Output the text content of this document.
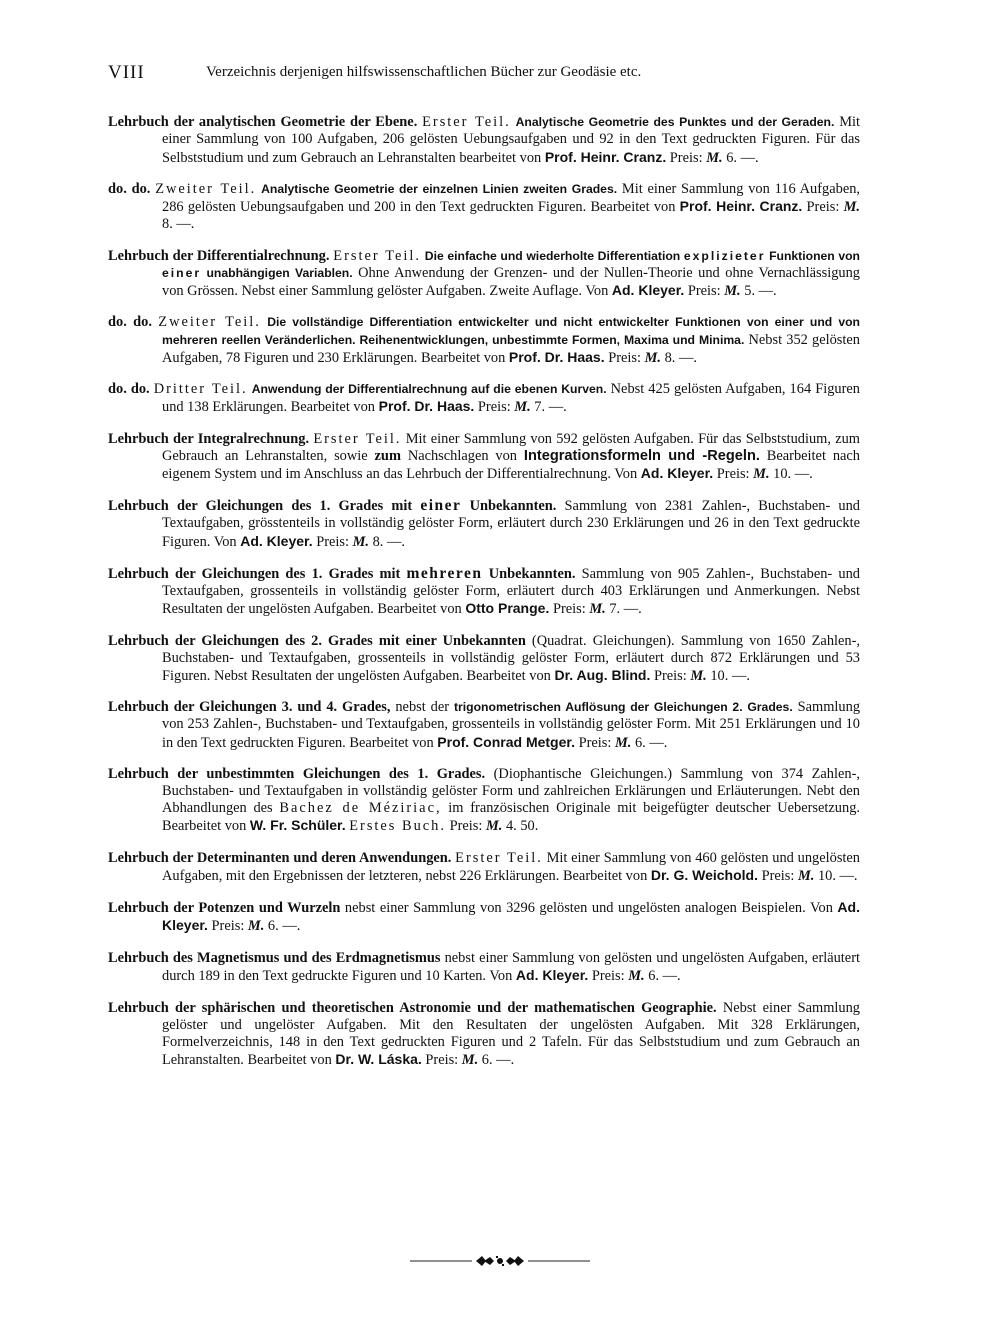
VIII	Verzeichnis derjenigen hilfswissenschaftlichen Bücher zur Geodäsie etc.

Lehrbuch der analytischen Geometrie der Ebene. Erster Teil. Analytische Geometrie des Punktes und der Geraden. Mit einer Sammlung von 100 Aufgaben, 206 gelösten Uebungsaufgaben und 92 in den Text gedruckten Figuren. Für das Selbststudium und zum Gebrauch an Lehranstalten bearbeitet von Prof. Heinr. Cranz. Preis: M. 6. —.

do. do. Zweiter Teil. Analytische Geometrie der einzelnen Linien zweiten Grades. Mit einer Sammlung von 116 Aufgaben, 286 gelösten Uebungsaufgaben und 200 in den Text gedruckten Figuren. Bearbeitet von Prof. Heinr. Cranz. Preis: M. 8. —.

Lehrbuch der Differentialrechnung. Erster Teil. Die einfache und wiederholte Differentiation explizieter Funktionen von einer unabhängigen Variablen. Ohne Anwendung der Grenzen- und der Nullen-Theorie und ohne Vernachlässigung von Grössen. Nebst einer Sammlung gelöster Aufgaben. Zweite Auflage. Von Ad. Kleyer. Preis: M. 5. —.

do. do. Zweiter Teil. Die vollständige Differentiation entwickelter und nicht entwickelter Funktionen von einer und von mehreren reellen Veränderlichen. Reihenentwicklungen, unbestimmte Formen, Maxima und Minima. Nebst 352 gelösten Aufgaben, 78 Figuren und 230 Erklärungen. Bearbeitet von Prof. Dr. Haas. Preis: M. 8. —.

do. do. Dritter Teil. Anwendung der Differentialrechnung auf die ebenen Kurven. Nebst 425 gelösten Aufgaben, 164 Figuren und 138 Erklärungen. Bearbeitet von Prof. Dr. Haas. Preis: M. 7. —.

Lehrbuch der Integralrechnung. Erster Teil. Mit einer Sammlung von 592 gelösten Aufgaben. Für das Selbststudium, zum Gebrauch an Lehranstalten, sowie zum Nachschlagen von Integrationsformeln und -Regeln. Bearbeitet nach eigenem System und im Anschluss an das Lehrbuch der Differentialrechnung. Von Ad. Kleyer. Preis: M. 10. —.

Lehrbuch der Gleichungen des 1. Grades mit einer Unbekannten. Sammlung von 2381 Zahlen-, Buchstaben- und Textaufgaben, grösstenteils in vollständig gelöster Form, erläutert durch 230 Erklärungen und 26 in den Text gedruckte Figuren. Von Ad. Kleyer. Preis: M. 8. —.

Lehrbuch der Gleichungen des 1. Grades mit mehreren Unbekannten. Sammlung von 905 Zahlen-, Buchstaben- und Textaufgaben, grossenteils in vollständig gelöster Form, erläutert durch 403 Erklärungen und Anmerkungen. Nebst Resultaten der ungelösten Aufgaben. Bearbeitet von Otto Prange. Preis: M. 7. —.

Lehrbuch der Gleichungen des 2. Grades mit einer Unbekannten (Quadrat. Gleichungen). Sammlung von 1650 Zahlen-, Buchstaben- und Textaufgaben, grossenteils in vollständig gelöster Form, erläutert durch 872 Erklärungen und 53 Figuren. Nebst Resultaten der ungelösten Aufgaben. Bearbeitet von Dr. Aug. Blind. Preis: M. 10. —.

Lehrbuch der Gleichungen 3. und 4. Grades, nebst der trigonometrischen Auflösung der Gleichungen 2. Grades. Sammlung von 253 Zahlen-, Buchstaben- und Textaufgaben, grossenteils in vollständig gelöster Form. Mit 251 Erklärungen und 10 in den Text gedruckten Figuren. Bearbeitet von Prof. Conrad Metger. Preis: M. 6. —.

Lehrbuch der unbestimmten Gleichungen des 1. Grades. (Diophantische Gleichungen.) Sammlung von 374 Zahlen-, Buchstaben- und Textaufgaben in vollständig gelöster Form und zahlreichen Erklärungen und Erläuterungen. Nebt den Abhandlungen des Bachez de Méziriac, im französischen Originale mit beigefügter deutscher Uebersetzung. Bearbeitet von W. Fr. Schüler. Erstes Buch. Preis: M. 4. 50.

Lehrbuch der Determinanten und deren Anwendungen. Erster Teil. Mit einer Sammlung von 460 gelösten und ungelösten Aufgaben, mit den Ergebnissen der letzteren, nebst 226 Erklärungen. Bearbeitet von Dr. G. Weichold. Preis: M. 10. —.

Lehrbuch der Potenzen und Wurzeln nebst einer Sammlung von 3296 gelösten und ungelösten analogen Beispielen. Von Ad. Kleyer. Preis: M. 6. —.

Lehrbuch des Magnetismus und des Erdmagnetismus nebst einer Sammlung von gelösten und ungelösten Aufgaben, erläutert durch 189 in den Text gedruckte Figuren und 10 Karten. Von Ad. Kleyer. Preis: M. 6. —.

Lehrbuch der sphärischen und theoretischen Astronomie und der mathematischen Geographie. Nebst einer Sammlung gelöster und ungelöster Aufgaben. Mit den Resultaten der ungelösten Aufgaben. Mit 328 Erklärungen, Formelverzeichnis, 148 in den Text gedruckten Figuren und 2 Tafeln. Für das Selbststudium und zum Gebrauch an Lehranstalten. Bearbeitet von Dr. W. Láska. Preis: M. 6. —.
